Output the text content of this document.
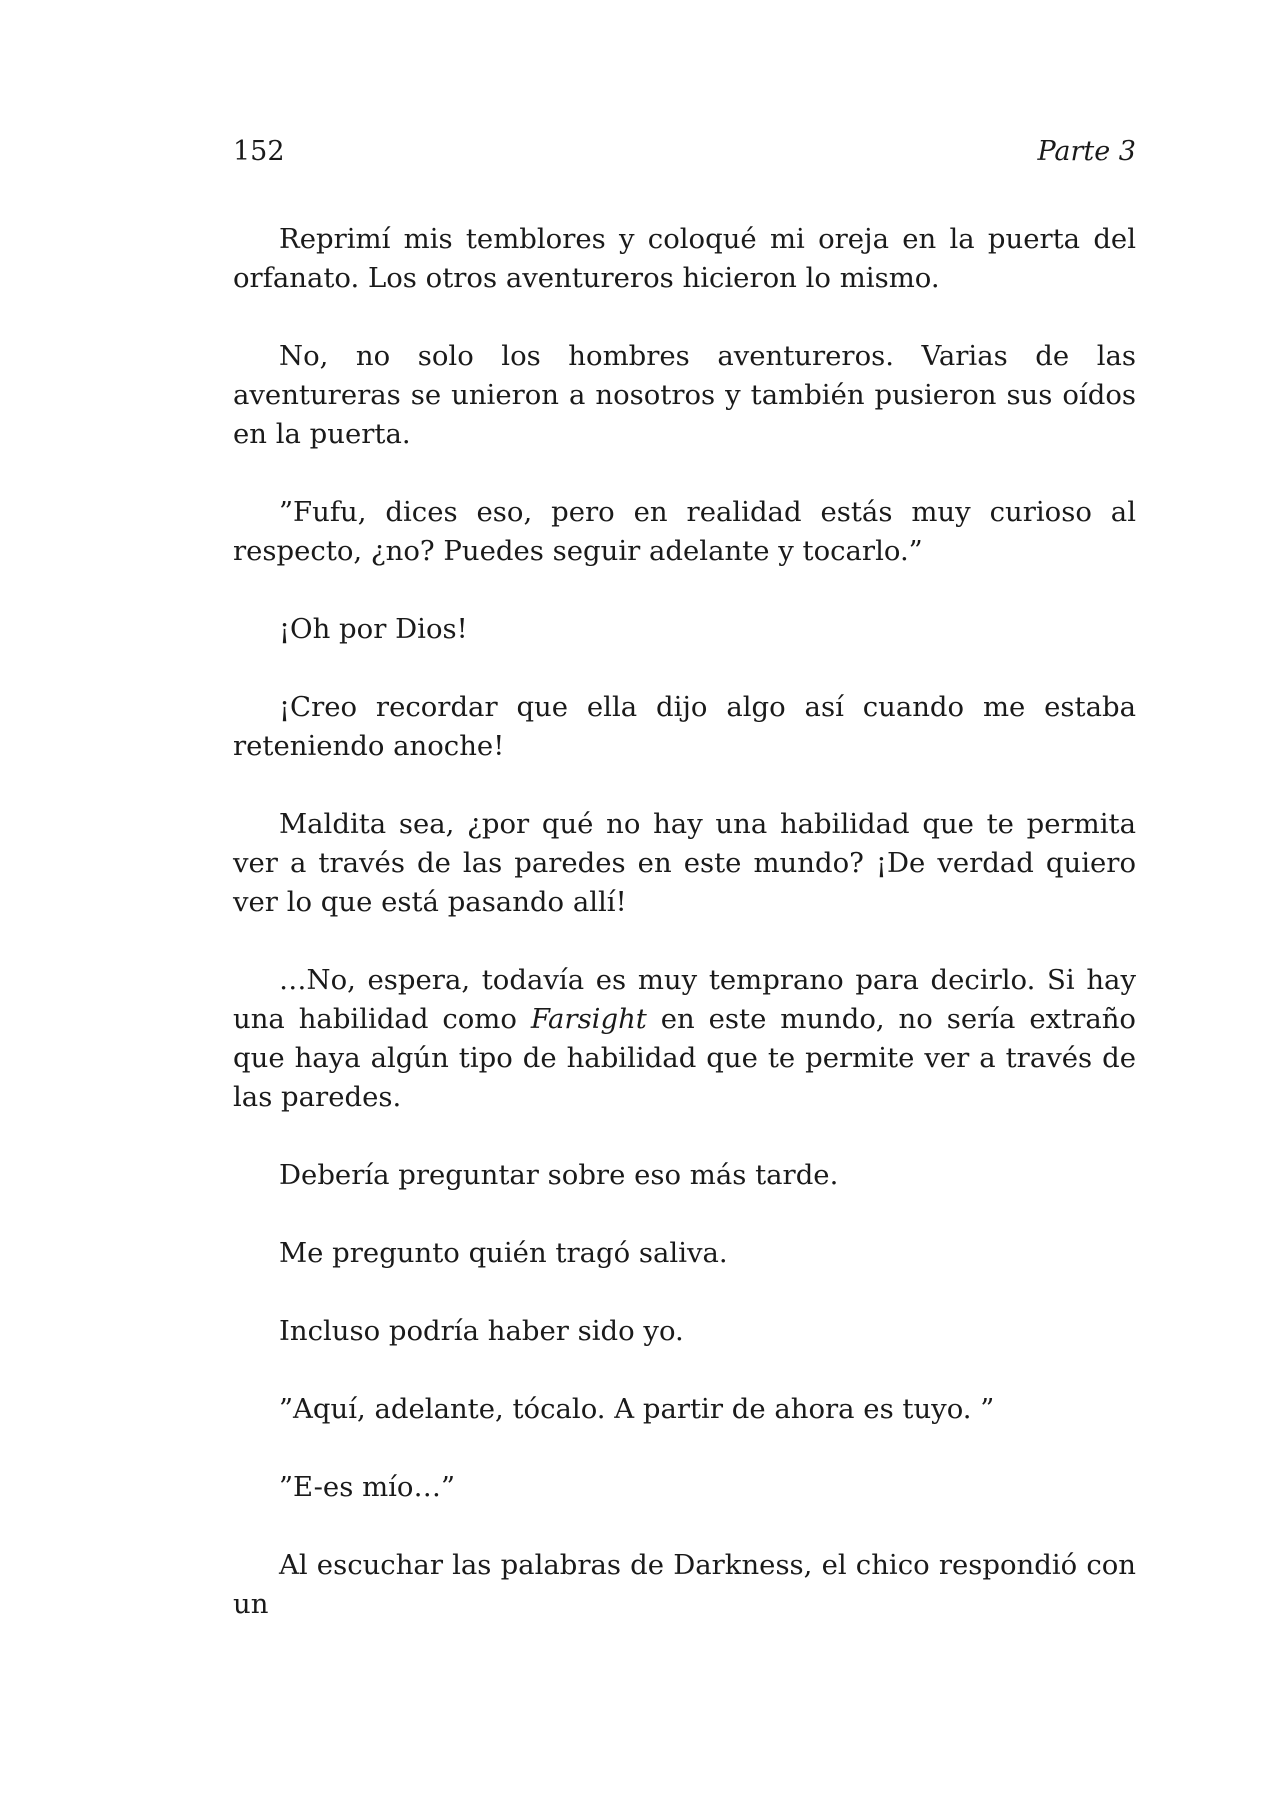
152	Parte 3

Reprimí mis temblores y coloqué mi oreja en la puerta del orfanato. Los otros aventureros hicieron lo mismo.

No, no solo los hombres aventureros. Varias de las aventureras se unieron a nosotros y también pusieron sus oídos en la puerta.

”Fufu, dices eso, pero en realidad estás muy curioso al respecto, ¿no? Puedes seguir adelante y tocarlo.”

¡Oh por Dios!

¡Creo recordar que ella dijo algo así cuando me estaba reteniendo anoche!

Maldita sea, ¿por qué no hay una habilidad que te permita ver a través de las paredes en este mundo? ¡De verdad quiero ver lo que está pasando allí!

…No, espera, todavía es muy temprano para decirlo. Si hay una habilidad como Farsight en este mundo, no sería extraño que haya algún tipo de habilidad que te permite ver a través de las paredes.

Debería preguntar sobre eso más tarde.

Me pregunto quién tragó saliva.

Incluso podría haber sido yo.

”Aquí, adelante, tócalo. A partir de ahora es tuyo. ”

”E-es mío…”

Al escuchar las palabras de Darkness, el chico respondió con un
